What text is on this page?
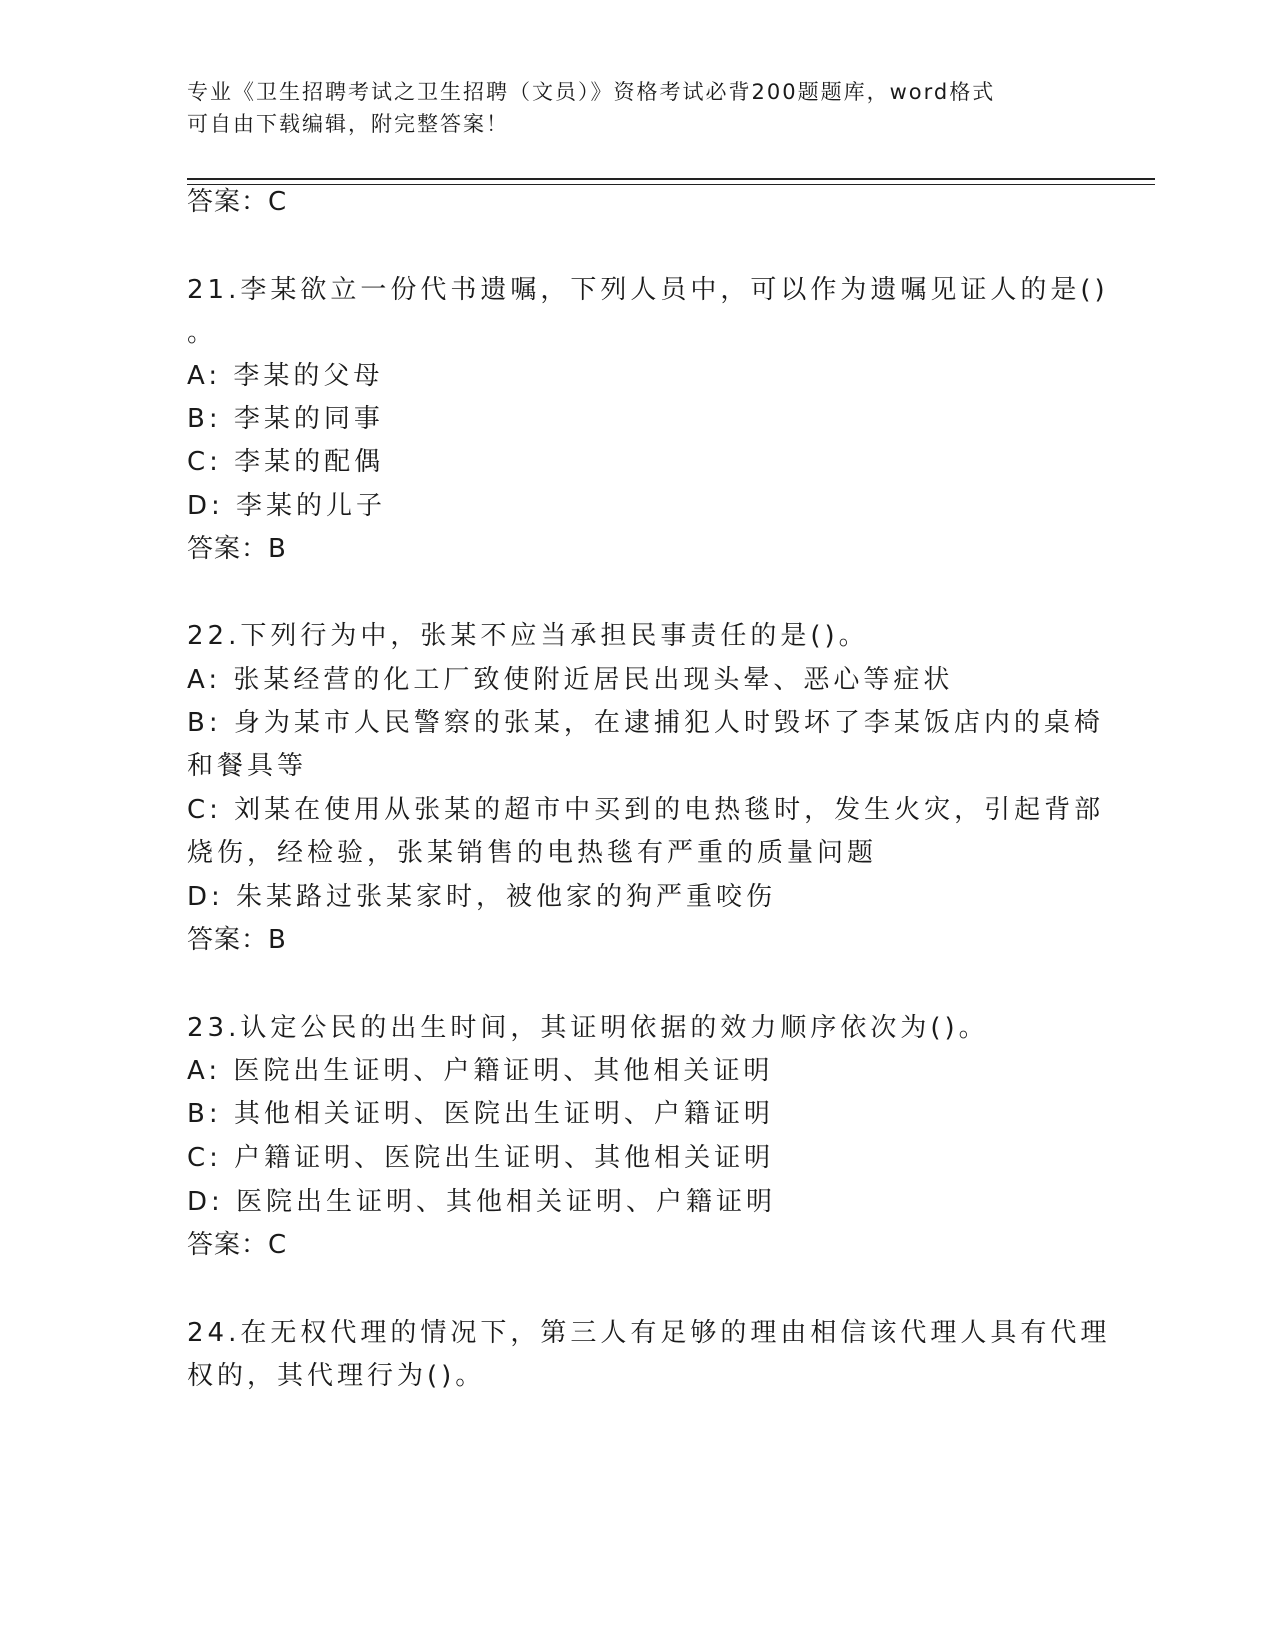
专业《卫生招聘考试之卫生招聘（文员）》资格考试必背200题题库，word格式
可自由下载编辑，附完整答案！
答案：C
21.李某欲立一份代书遗嘱，下列人员中，可以作为遗嘱见证人的是()
。
A: 李某的父母
B: 李某的同事
C: 李某的配偶
D: 李某的儿子
答案：B
22.下列行为中，张某不应当承担民事责任的是()。
A: 张某经营的化工厂致使附近居民出现头晕、恶心等症状
B: 身为某市人民警察的张某，在逮捕犯人时毁坏了李某饭店内的桌椅
和餐具等
C: 刘某在使用从张某的超市中买到的电热毯时，发生火灾，引起背部
烧伤，经检验，张某销售的电热毯有严重的质量问题
D: 朱某路过张某家时，被他家的狗严重咬伤
答案：B
23.认定公民的出生时间，其证明依据的效力顺序依次为()。
A: 医院出生证明、户籍证明、其他相关证明
B: 其他相关证明、医院出生证明、户籍证明
C: 户籍证明、医院出生证明、其他相关证明
D: 医院出生证明、其他相关证明、户籍证明
答案：C
24.在无权代理的情况下，第三人有足够的理由相信该代理人具有代理
权的，其代理行为()。
